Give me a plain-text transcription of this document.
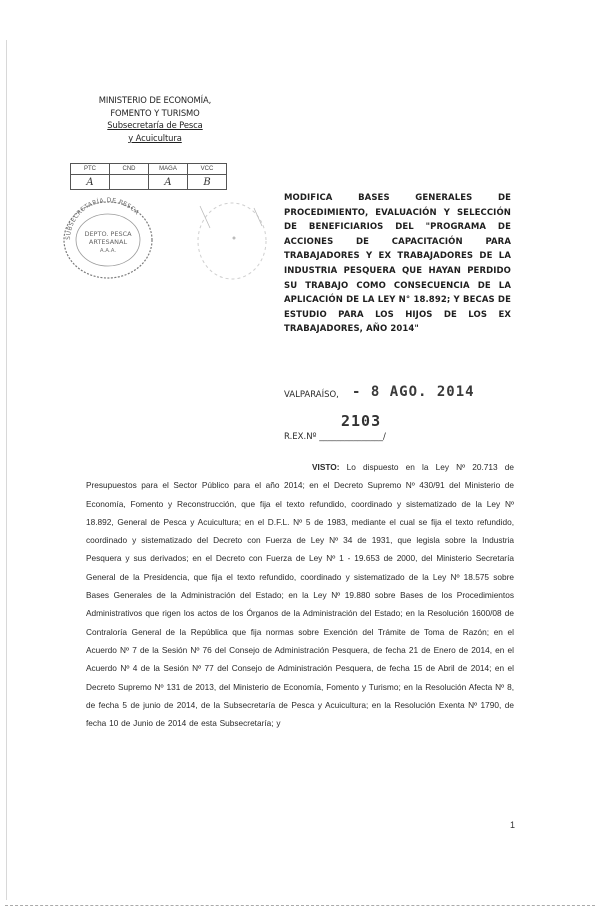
MINISTERIO DE ECONOMÍA,
FOMENTO Y TURISMO
Subsecretaría de Pesca
y Acuicultura
PTC	CND	MAGA	VCC
A		A	B
SUBSECRETARÍA DE PESCA
DEPTO. PESCA
ARTESANAL
A.A.A.
MODIFICA BASES GENERALES DE PROCEDIMIENTO, EVALUACIÓN Y SELECCIÓN DE BENEFICIARIOS DEL "PROGRAMA DE ACCIONES DE CAPACITACIÓN PARA TRABAJADORES Y EX TRABAJADORES DE LA INDUSTRIA PESQUERA QUE HAYAN PERDIDO SU TRABAJO COMO CONSECUENCIA DE LA APLICACIÓN DE LA LEY N° 18.892; Y BECAS DE ESTUDIO PARA LOS HIJOS DE LOS EX TRABAJADORES, AÑO 2014"
VALPARAÍSO, - 8 AGO. 2014
2103
R.EX.Nº _______________/
VISTO: Lo dispuesto en la Ley Nº 20.713 de Presupuestos para el Sector Público para el año 2014; en el Decreto Supremo Nº 430/91 del Ministerio de Economía, Fomento y Reconstrucción, que fija el texto refundido, coordinado y sistematizado de la Ley Nº 18.892, General de Pesca y Acuicultura; en el D.F.L. Nº 5 de 1983, mediante el cual se fija el texto refundido, coordinado y sistematizado del Decreto con Fuerza de Ley Nº 34 de 1931, que legisla sobre la Industria Pesquera y sus derivados; en el Decreto con Fuerza de Ley Nº 1 - 19.653 de 2000, del Ministerio Secretaría General de la Presidencia, que fija el texto refundido, coordinado y sistematizado de la Ley Nº 18.575 sobre Bases Generales de la Administración del Estado; en la Ley Nº 19.880 sobre Bases de los Procedimientos Administrativos que rigen los actos de los Órganos de la Administración del Estado; en la Resolución 1600/08 de Contraloría General de la República que fija normas sobre Exención del Trámite de Toma de Razón; en el Acuerdo Nº 7 de la Sesión Nº 76 del Consejo de Administración Pesquera, de fecha 21 de Enero de 2014, en el Acuerdo Nº 4 de la Sesión Nº 77 del Consejo de Administración Pesquera, de fecha 15 de Abril de 2014; en el Decreto Supremo Nº 131 de 2013, del Ministerio de Economía, Fomento y Turismo; en la Resolución Afecta Nº 8, de fecha 5 de junio de 2014, de la Subsecretaría de Pesca y Acuicultura; en la Resolución Exenta Nº 1790, de fecha 10 de Junio de 2014 de esta Subsecretaría; y
1
